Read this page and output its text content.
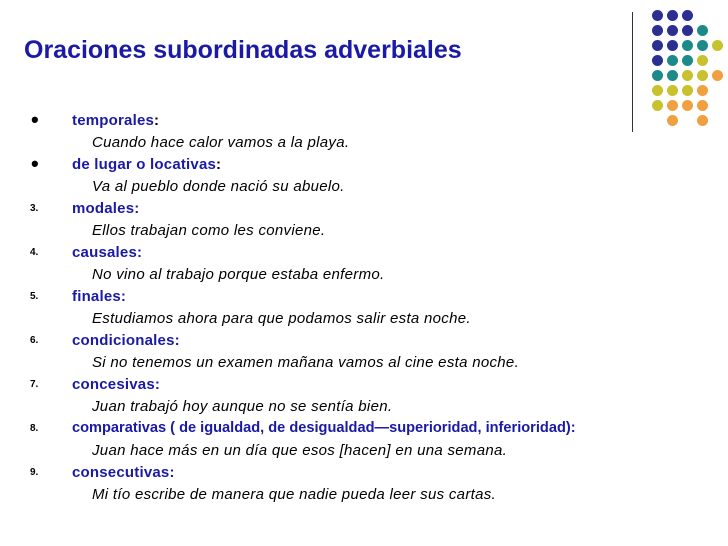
Oraciones subordinadas adverbiales
• temporales:
Cuando hace calor vamos a la playa.
• de lugar o locativas:
Va al pueblo donde nació su abuelo.
3. modales:
Ellos trabajan como les conviene.
4. causales:
No vino al trabajo porque estaba enfermo.
5. finales:
Estudiamos ahora para que podamos salir esta noche.
6. condicionales:
Si no tenemos un examen mañana vamos al cine esta noche.
7. concesivas:
Juan trabajó hoy aunque no se sentía bien.
8. comparativas ( de igualdad, de desigualdad—superioridad, inferioridad):
Juan hace más en un día que esos [hacen] en una semana.
9. consecutivas:
Mi tío escribe de manera que nadie pueda leer sus cartas.
